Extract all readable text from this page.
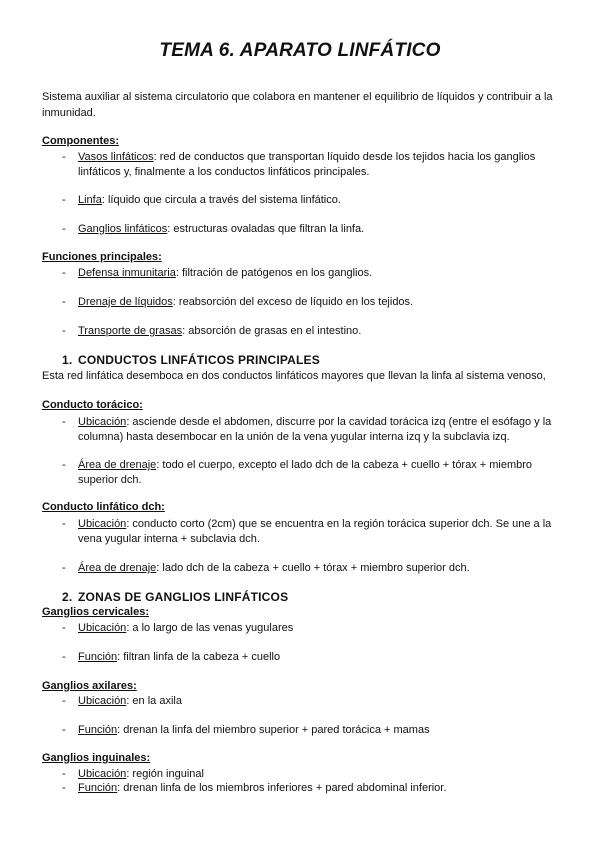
TEMA 6. APARATO LINFÁTICO
Sistema auxiliar al sistema circulatorio que colabora en mantener el equilibrio de líquidos y contribuir a la inmunidad.
Componentes:
- Vasos linfáticos: red de conductos que transportan líquido desde los tejidos hacia los ganglios linfáticos y, finalmente a los conductos linfáticos principales.
- Linfa: líquido que circula a través del sistema linfático.
- Ganglios linfáticos: estructuras ovaladas que filtran la linfa.
Funciones principales:
- Defensa inmunitaria: filtración de patógenos en los ganglios.
- Drenaje de líquidos: reabsorción del exceso de líquido en los tejidos.
- Transporte de grasas: absorción de grasas en el intestino.
1. CONDUCTOS LINFÁTICOS PRINCIPALES
Esta red linfática desemboca en dos conductos linfáticos mayores que llevan la linfa al sistema venoso,
Conducto torácico:
- Ubicación: asciende desde el abdomen, discurre por la cavidad torácica izq (entre el esófago y la columna) hasta desembocar en la unión de la vena yugular interna izq y la subclavia izq.
- Área de drenaje: todo el cuerpo, excepto el lado dch de la cabeza + cuello + tórax + miembro superior dch.
Conducto linfático dch:
- Ubicación: conducto corto (2cm) que se encuentra en la región torácica superior dch. Se une a la vena yugular interna + subclavia dch.
- Área de drenaje: lado dch de la cabeza + cuello + tórax + miembro superior dch.
2. ZONAS DE GANGLIOS LINFÁTICOS
Ganglios cervicales:
- Ubicación: a lo largo de las venas yugulares
- Función: filtran linfa de la cabeza + cuello
Ganglios axilares:
- Ubicación: en la axila
- Función: drenan la linfa del miembro superior + pared torácica + mamas
Ganglios inguinales:
- Ubicación: región inguinal
- Función: drenan linfa de los miembros inferiores + pared abdominal inferior.
